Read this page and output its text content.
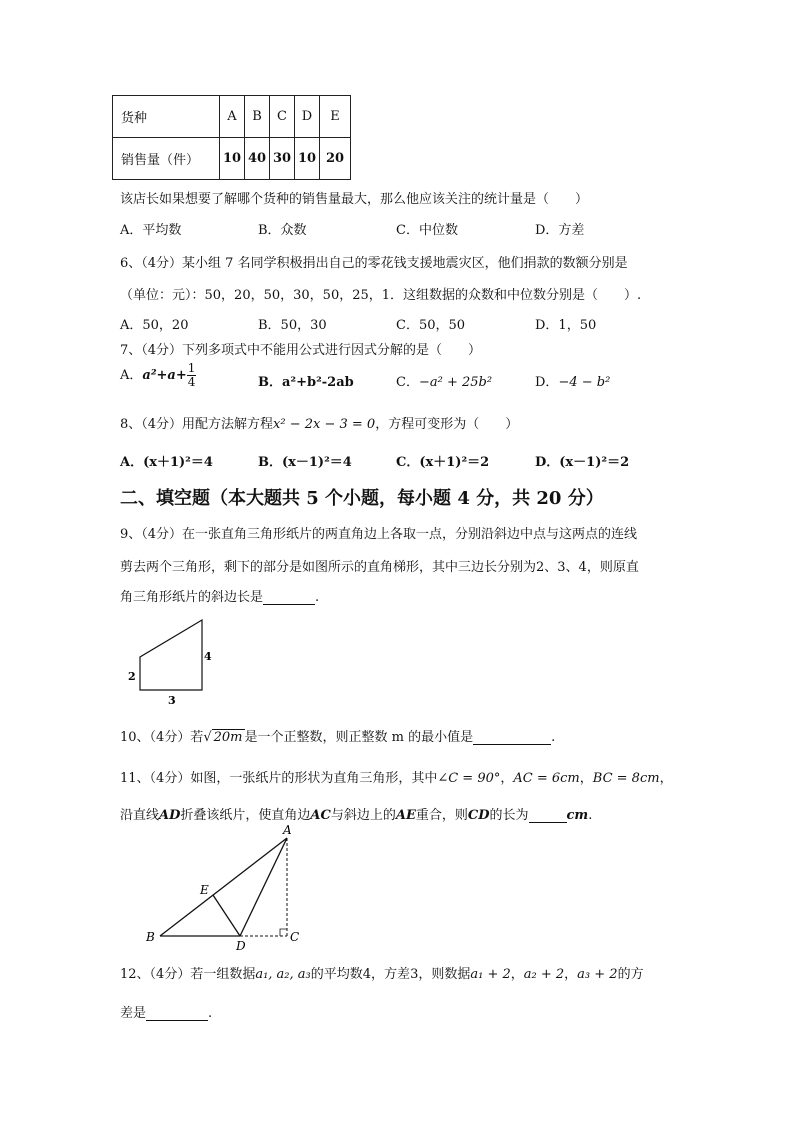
货种	A	B	C	D	E
销售量（件）	10	40	30	10	20
该店长如果想要了解哪个货种的销售量最大，那么他应该关注的统计量是（　　）
A．平均数	B．众数	C．中位数	D．方差
6、（4分）某小组 7 名同学积极捐出自己的零花钱支援地震灾区，他们捐款的数额分别是
（单位：元）：50，20，50，30，50，25，1．这组数据的众数和中位数分别是（　　）.
A．50，20	B．50，30	C．50，50	D．1，50
7、（4分）下列多项式中不能用公式进行因式分解的是（　　）
A．$a^2+a+ \frac{1}{4}$	B．a²+b²-2ab	C．−a² + 25b²	D．−4 − b²
8、（4分）用配方法解方程x² − 2x − 3 = 0，方程可变形为（　　）
A．(x＋1)²＝4	B．(x－1)²＝4	C．(x＋1)²＝2	D．(x－1)²＝2
二、填空题（本大题共 5 个小题，每小题 4 分，共 20 分）
9、（4分）在一张直角三角形纸片的两直角边上各取一点，分别沿斜边中点与这两点的连线
剪去两个三角形，剩下的部分是如图所示的直角梯形，其中三边长分别为2、3、4，则原直
角三角形纸片的斜边长是	.
2
4
3
10、（4分）若√ 20m 是一个正整数，则正整数 m 的最小值是	.
11、（4分）如图，一张纸片的形状为直角三角形，其中∠C = 90°，AC = 6cm，BC = 8cm，
沿直线AD折叠该纸片，使直角边AC与斜边上的AE重合，则CD的长为	cm.
A
E
B
D
C
12、（4分）若一组数据a₁, a₂, a₃的平均数4，方差3，则数据a₁ + 2，a₂ + 2，a₃ + 2的方
差是	.
